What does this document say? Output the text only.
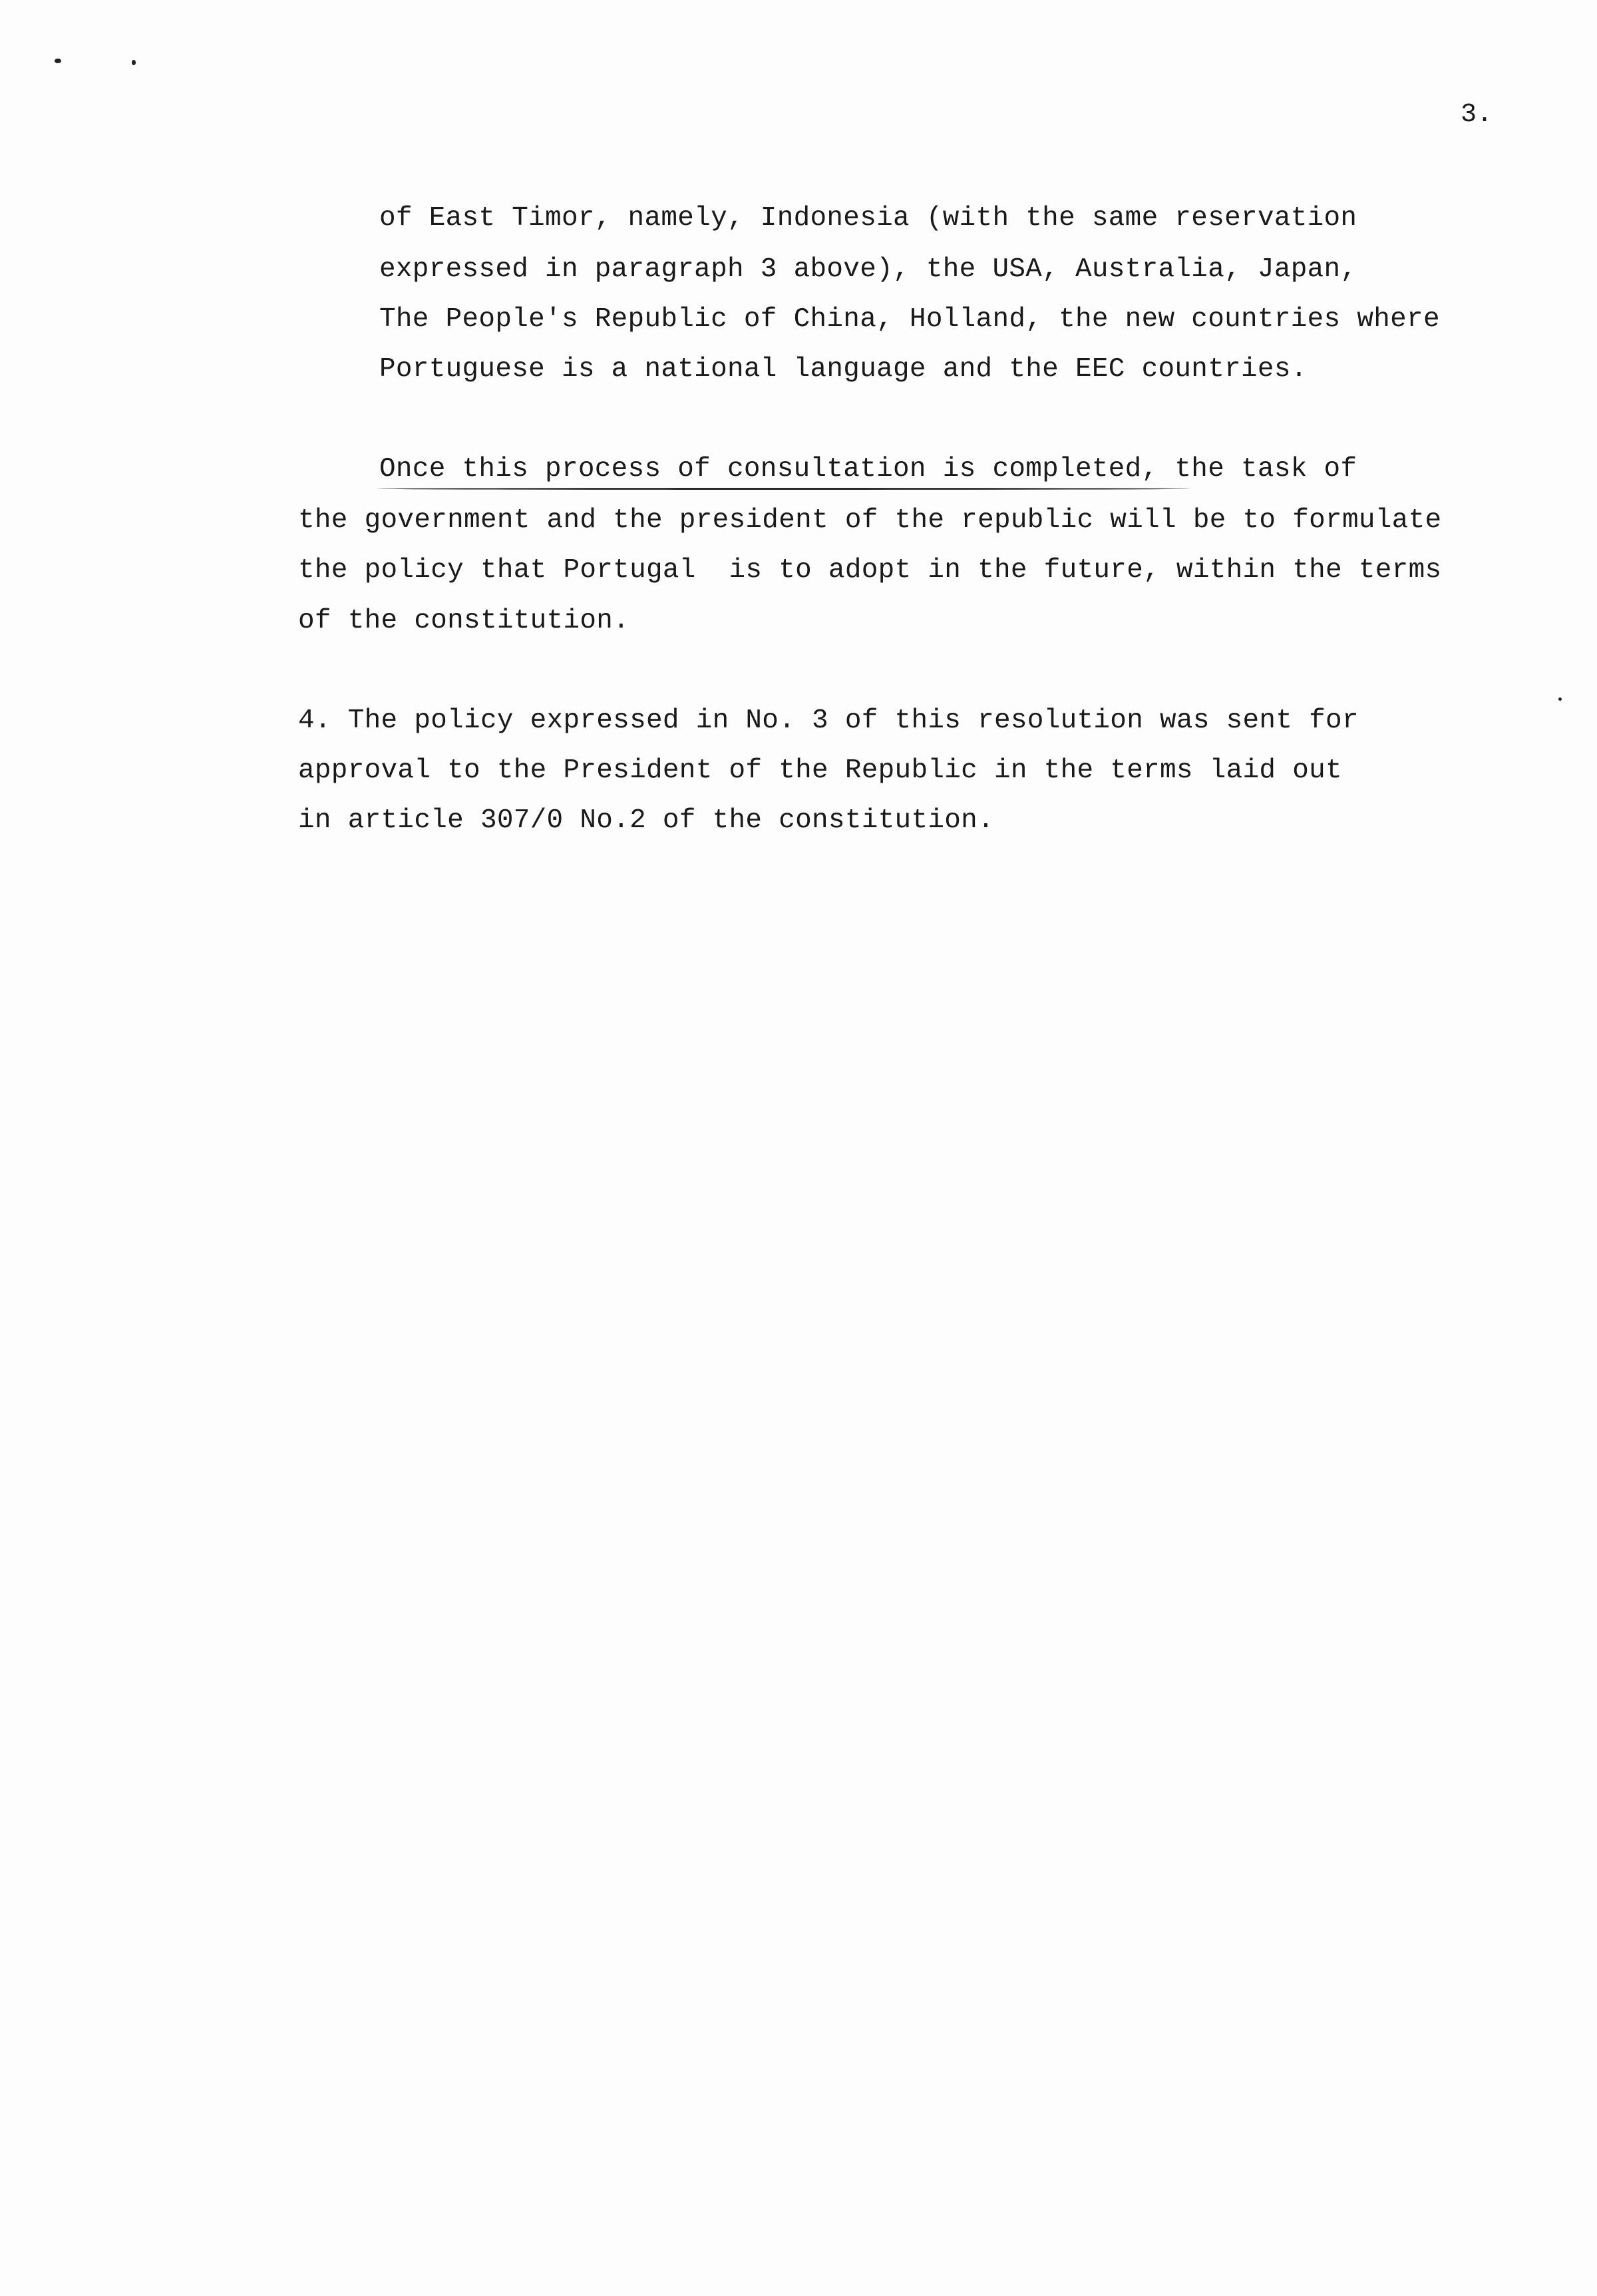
3.
of East Timor, namely, Indonesia (with the same reservation
expressed in paragraph 3 above), the USA, Australia, Japan,
The People's Republic of China, Holland, the new countries where
Portuguese is a national language and the EEC countries.
Once this process of consultation is completed, the task of
the government and the president of the republic will be to formulate
the policy that Portugal  is to adopt in the future, within the terms
of the constitution.
4. The policy expressed in No. 3 of this resolution was sent for
approval to the President of the Republic in the terms laid out
in article 307/0 No.2 of the constitution.
